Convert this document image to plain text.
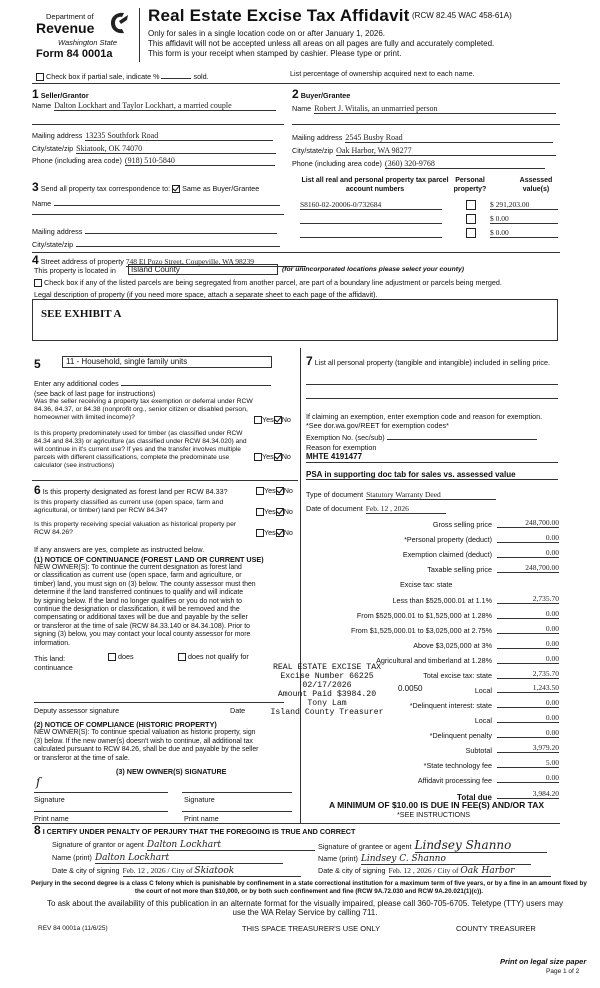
Department of
Revenue
Washington State
Form 84 0001a
Real Estate Excise Tax Affidavit (RCW 82.45 WAC 458-61A)
Only for sales in a single location code on or after January 1, 2026.
This affidavit will not be accepted unless all areas on all pages are fully and accurately completed.
This form is your receipt when stamped by cashier. Please type or print.
Check box if partial sale, indicate %	sold.	List percentage of ownership acquired next to each name.
1 Seller/Grantor
Name Dalton Lockhart and Taylor Lockhart, a married couple
Mailing address 13235 Southfork Road
City/state/zip Skiatook, OK 74070
Phone (including area code) (918) 510-5840
2 Buyer/Grantee
Name Robert J. Witalis, an unmarried person
Mailing address 2545 Busby Road
City/state/zip Oak Harbor, WA 98277
Phone (including area code) (360) 320-9768
3 Send all property tax correspondence to: Same as Buyer/Grantee
Name
Mailing address
City/state/zip
List all real and personal property tax parcel account numbers
Personal property?
Assessed value(s)
S8160-02-20006-0/732684	$ 291,203.00
$ 0.00
$ 0.00
4 Street address of property 748 El Pozo Street, Coupeville, WA 98239
This property is located in	Island County	(for unincorporated locations please select your county)
Check box if any of the listed parcels are being segregated from another parcel, are part of a boundary line adjustment or parcels being merged.
Legal description of property (if you need more space, attach a separate sheet to each page of the affidavit).
SEE EXHIBIT A
5	11 - Household, single family units
Enter any additional codes
(see back of last page for instructions)
Was the seller receiving a property tax exemption or deferral under RCW 84.36, 84.37, or 84.38 (nonprofit org., senior citizen or disabled person, homeowner with limited income)?	Yes No
Is this property predominately used for timber (as classified under RCW 84.34 and 84.33) or agriculture (as classified under RCW 84.34.020) and will continue in it's current use? If yes and the transfer involves multiple parcels with different classifications, complete the predominate use calculator (see instructions)
Yes No
6 Is this property designated as forest land per RCW 84.33?	Yes No
Is this property classified as current use (open space, farm and agricultural, or timber) land per RCW 84.34?	Yes No
Is this property receiving special valuation as historical property per RCW 84.26?	Yes No
If any answers are yes, complete as instructed below.
(1) NOTICE OF CONTINUANCE (FOREST LAND OR CURRENT USE)
NEW OWNER(S): To continue the current designation as forest land
or classification as current use (open space, farm and agriculture, or
timber) land, you must sign on (3) below. The county assessor must then
determine if the land transferred continues to qualify and will indicate
by signing below. If the land no longer qualifies or you do not wish to
continue the designation or classification, it will be removed and the
compensating or additional taxes will be due and payable by the seller
or transferor at the time of sale (RCW 84.33.140 or 84.34.108). Prior to
signing (3) below, you may contact your local county assessor for more
information.
This land:
continuance
does	does not qualify for
Deputy assessor signature	Date
(2) NOTICE OF COMPLIANCE (HISTORIC PROPERTY)
NEW OWNER(S): To continue special valuation as historic property, sign
(3) below. If the new owner(s) doesn't wish to continue, all additional tax
calculated pursuant to RCW 84.26, shall be due and payable by the seller
or transferor at the time of sale.
(3) NEW OWNER(S) SIGNATURE
ſ
Signature	Signature
Print name	Print name
7 List all personal property (tangible and intangible) included in selling price.
If claiming an exemption, enter exemption code and reason for exemption. *See dor.wa.gov/REET for exemption codes*
Exemption No. (sec/sub)
Reason for exemption
MHTE 4191477
PSA in supporting doc tab for sales vs. assessed value
Type of document Statutory Warranty Deed
Date of document Feb. 12 , 2026
Gross selling price	248,700.00
*Personal property (deduct)	0.00
Exemption claimed (deduct)	0.00
Taxable selling price	248,700.00
Excise tax: state
Less than $525,000.01 at 1.1%	2,735.70
From $525,000.01 to $1,525,000 at 1.28%	0.00
From $1,525,000.01 to $3,025,000 at 2.75%	0.00
Above $3,025,000 at 3%	0.00
Agricultural and timberland at 1.28%	0.00
Total excise tax: state	2,735.70
0.0050	Local	1,243.50
*Delinquent interest: state	0.00
Local	0.00
*Delinquent penalty	0.00
Subtotal	3,979.20
*State technology fee	5.00
Affidavit processing fee	0.00
Total due	3,984.20
A MINIMUM OF $10.00 IS DUE IN FEE(S) AND/OR TAX
*SEE INSTRUCTIONS
REAL ESTATE EXCISE TAX
Excise Number 66225
02/17/2026
Amount Paid $3984.20
Tony Lam
Island County Treasurer
8 I CERTIFY UNDER PENALTY OF PERJURY THAT THE FOREGOING IS TRUE AND CORRECT
Signature of grantor or agent Dalton Lockhart
Name (print) Dalton Lockhart
Date & city of signing Feb. 12 , 2026 / City of Skiatook
Signature of grantee or agent Lindsey Shanno
Name (print) Lindsey C. Shanno
Date & city of signing Feb. 12 , 2026 / City of Oak Harbor
Perjury in the second degree is a class C felony which is punishable by confinement in a state correctional institution for a maximum term of five years, or by a fine in an amount fixed by the court of not more than $10,000, or by both such confinement and fine (RCW 9A.72.030 and RCW 9A.20.021(1)(c)).
To ask about the availability of this publication in an alternate format for the visually impaired, please call 360-705-6705. Teletype (TTY) users may use the WA Relay Service by calling 711.
REV 84 0001a (11/6/25)	THIS SPACE TREASURER'S USE ONLY	COUNTY TREASURER
Print on legal size paper
Page 1 of 2
